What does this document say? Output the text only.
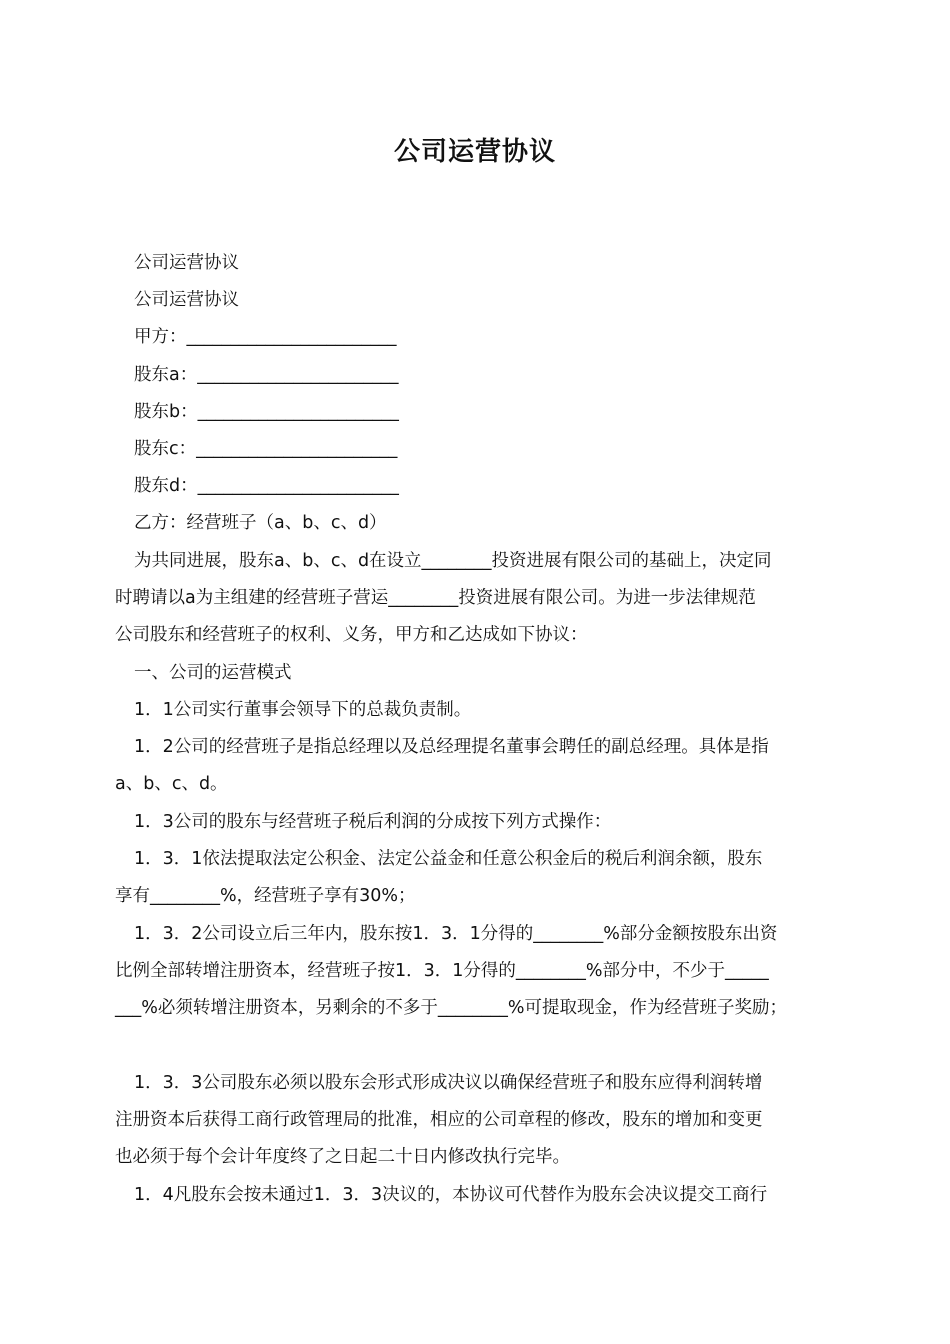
公司运营协议
公司运营协议
公司运营协议
甲方：________________________
股东a：_______________________
股东b：_______________________
股东c：_______________________
股东d：_______________________
乙方：经营班子（a、b、c、d）
为共同进展，股东a、b、c、d在设立________投资进展有限公司的基础上，决定同
时聘请以a为主组建的经营班子营运________投资进展有限公司。为进一步法律规范
公司股东和经营班子的权利、义务，甲方和乙达成如下协议：
一、公司的运营模式
1．1公司实行董事会领导下的总裁负责制。
1．2公司的经营班子是指总经理以及总经理提名董事会聘任的副总经理。具体是指
a、b、c、d。
1．3公司的股东与经营班子税后利润的分成按下列方式操作：
1．3．1依法提取法定公积金、法定公益金和任意公积金后的税后利润余额，股东
享有________%，经营班子享有30%；
1．3．2公司设立后三年内，股东按1．3．1分得的________%部分金额按股东出资
比例全部转增注册资本，经营班子按1．3．1分得的________%部分中，不少于_____
___%必须转增注册资本，另剩余的不多于________%可提取现金，作为经营班子奖励；
1．3．3公司股东必须以股东会形式形成决议以确保经营班子和股东应得利润转增
注册资本后获得工商行政管理局的批准，相应的公司章程的修改，股东的增加和变更
也必须于每个会计年度终了之日起二十日内修改执行完毕。
1．4凡股东会按未通过1．3．3决议的，本协议可代替作为股东会决议提交工商行
